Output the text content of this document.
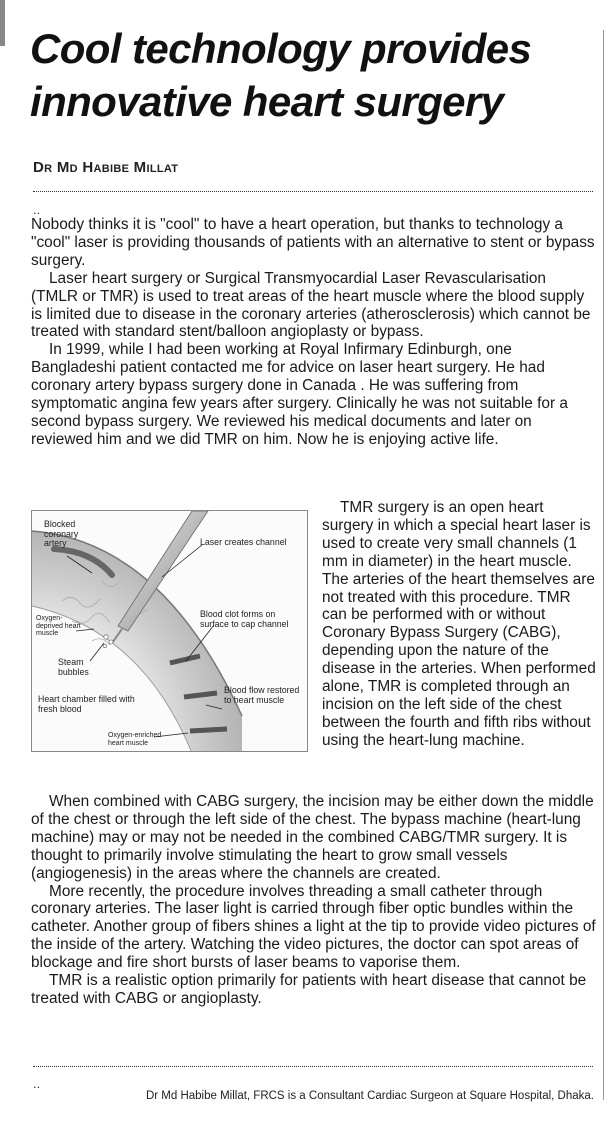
Cool technology provides innovative heart surgery

Dr Md Habibe Millat

..

Nobody thinks it is "cool" to have a heart operation, but thanks to technology a "cool" laser is providing thousands of patients with an alternative to stent or bypass surgery.

Laser heart surgery or Surgical Transmyocardial Laser Revascularisation (TMLR or TMR) is used to treat areas of the heart muscle where the blood supply is limited due to disease in the coronary arteries (atherosclerosis) which cannot be treated with standard stent/balloon angioplasty or bypass.

In 1999, while I had been working at Royal Infirmary Edinburgh, one Bangladeshi patient contacted me for advice on laser heart surgery. He had coronary artery bypass surgery done in Canada . He was suffering from symptomatic angina few years after surgery. Clinically he was not suitable for a second bypass surgery. We reviewed his medical documents and later on reviewed him and we did TMR on him. Now he is enjoying active life.

Blocked coronary artery	Laser creates channel
Oxygen-deprived heart muscle
Blood clot forms on surface to cap channel
Steam bubbles
Blood flow restored to heart muscle
Heart chamber filled with fresh blood
Oxygen-enriched heart muscle

TMR surgery is an open heart surgery in which a special heart laser is used to create very small channels (1 mm in diameter) in the heart muscle. The arteries of the heart themselves are not treated with this procedure. TMR can be performed with or without Coronary Bypass Surgery (CABG), depending upon the nature of the disease in the arteries. When performed alone, TMR is completed through an incision on the left side of the chest between the fourth and fifth ribs without using the heart-lung machine.

When combined with CABG surgery, the incision may be either down the middle of the chest or through the left side of the chest. The bypass machine (heart-lung machine) may or may not be needed in the combined CABG/TMR surgery. It is thought to primarily involve stimulating the heart to grow small vessels (angiogenesis) in the areas where the channels are created.

More recently, the procedure involves threading a small catheter through coronary arteries. The laser light is carried through fiber optic bundles within the catheter. Another group of fibers shines a light at the tip to provide video pictures of the inside of the artery. Watching the video pictures, the doctor can spot areas of blockage and fire short bursts of laser beams to vaporise them.

TMR is a realistic option primarily for patients with heart disease that cannot be treated with CABG or angioplasty.

..

Dr Md Habibe Millat, FRCS is a Consultant Cardiac Surgeon at Square Hospital, Dhaka.
